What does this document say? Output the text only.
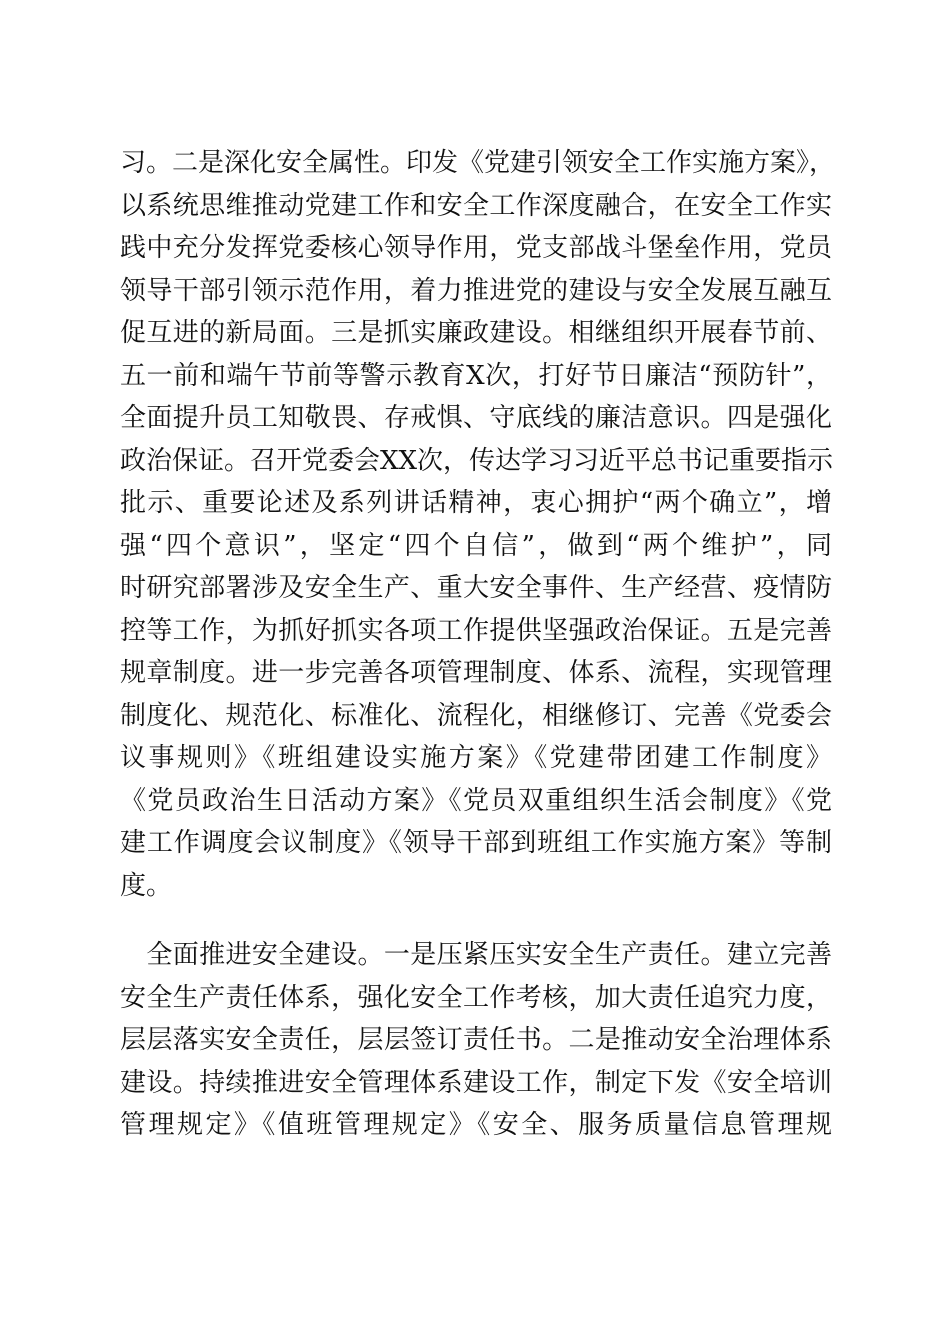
习。二是深化安全属性。印发《党建引领安全工作实施方案》，
以系统思维推动党建工作和安全工作深度融合，在安全工作实
践中充分发挥党委核心领导作用，党支部战斗堡垒作用，党员
领导干部引领示范作用，着力推进党的建设与安全发展互融互
促互进的新局面。三是抓实廉政建设。相继组织开展春节前、
五一前和端午节前等警示教育X次，打好节日廉洁“预防针”，
全面提升员工知敬畏、存戒惧、守底线的廉洁意识。四是强化
政治保证。召开党委会XX次，传达学习习近平总书记重要指示
批示、重要论述及系列讲话精神，衷心拥护“两个确立”，增
强“四个意识”，坚定“四个自信”，做到“两个维护”，同
时研究部署涉及安全生产、重大安全事件、生产经营、疫情防
控等工作，为抓好抓实各项工作提供坚强政治保证。五是完善
规章制度。进一步完善各项管理制度、体系、流程，实现管理
制度化、规范化、标准化、流程化，相继修订、完善《党委会
议事规则》《班组建设实施方案》《党建带团建工作制度》
《党员政治生日活动方案》《党员双重组织生活会制度》《党
建工作调度会议制度》《领导干部到班组工作实施方案》等制
度。
　全面推进安全建设。一是压紧压实安全生产责任。建立完善
安全生产责任体系，强化安全工作考核，加大责任追究力度，
层层落实安全责任，层层签订责任书。二是推动安全治理体系
建设。持续推进安全管理体系建设工作，制定下发《安全培训
管理规定》《值班管理规定》《安全、服务质量信息管理规
